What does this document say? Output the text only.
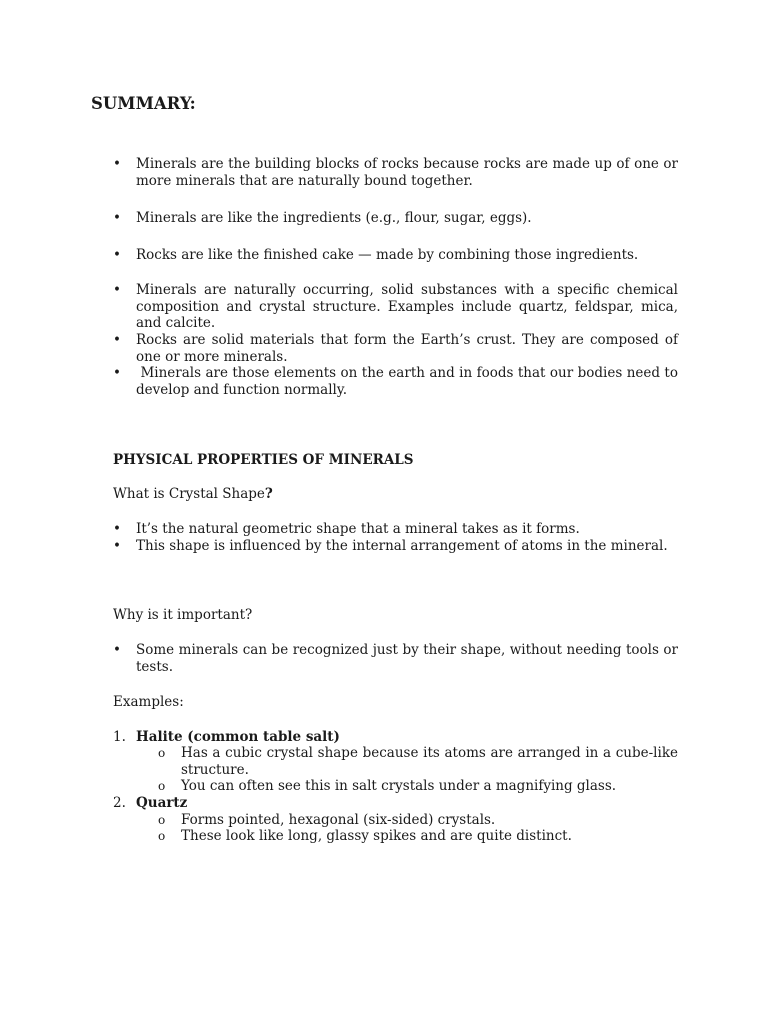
SUMMARY:
•	Minerals are the building blocks of rocks because rocks are made up of one or more minerals that are naturally bound together.
•	Minerals are like the ingredients (e.g., flour, sugar, eggs).
•	Rocks are like the finished cake — made by combining those ingredients.
•	Minerals are naturally occurring, solid substances with a specific chemical composition and crystal structure. Examples include quartz, feldspar, mica, and calcite.
•	Rocks are solid materials that form the Earth’s crust. They are composed of one or more minerals.
•	Minerals are those elements on the earth and in foods that our bodies need to develop and function normally.
PHYSICAL PROPERTIES OF MINERALS
What is Crystal Shape?
•	It’s the natural geometric shape that a mineral takes as it forms.
•	This shape is influenced by the internal arrangement of atoms in the mineral.
Why is it important?
•	Some minerals can be recognized just by their shape, without needing tools or tests.
Examples:
1. Halite (common table salt)
o Has a cubic crystal shape because its atoms are arranged in a cube-like structure.
o You can often see this in salt crystals under a magnifying glass.
2. Quartz
o Forms pointed, hexagonal (six-sided) crystals.
o These look like long, glassy spikes and are quite distinct.
